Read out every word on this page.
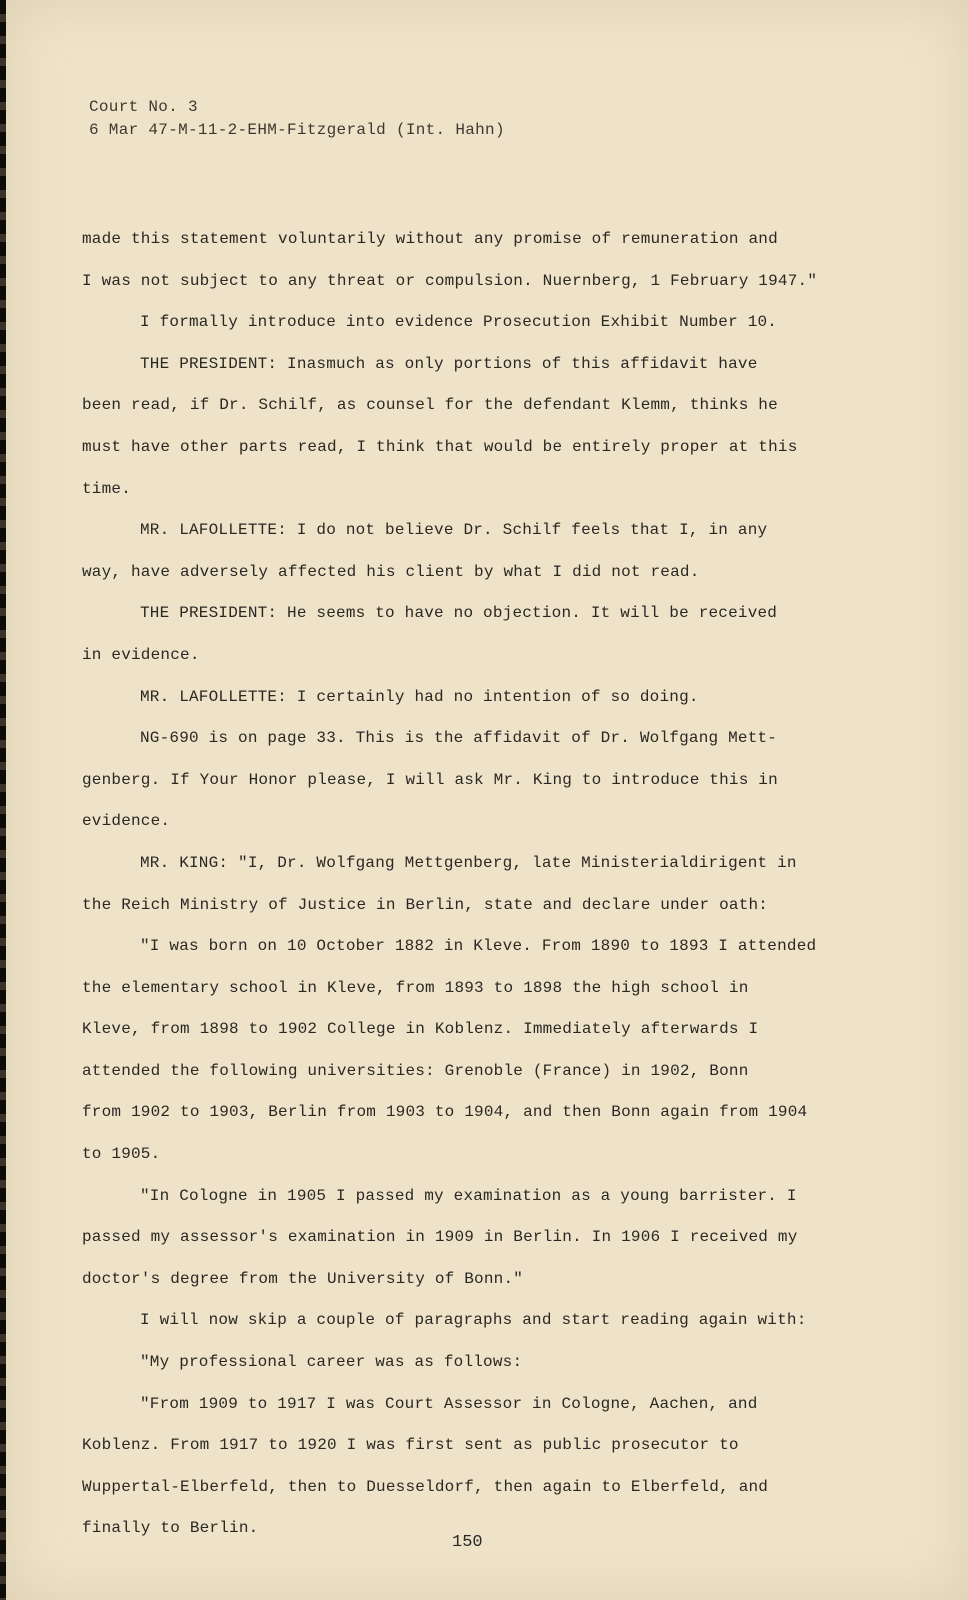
Court No. 3
6 Mar 47-M-11-2-EHM-Fitzgerald (Int. Hahn)
made this statement voluntarily without any promise of remuneration and
I was not subject to any threat or compulsion. Nuernberg, 1 February 1947."
I formally introduce into evidence Prosecution Exhibit Number 10.
THE PRESIDENT: Inasmuch as only portions of this affidavit have
been read, if Dr. Schilf, as counsel for the defendant Klemm, thinks he
must have other parts read, I think that would be entirely proper at this
time.
MR. LAFOLLETTE: I do not believe Dr. Schilf feels that I, in any
way, have adversely affected his client by what I did not read.
THE PRESIDENT: He seems to have no objection. It will be received
in evidence.
MR. LAFOLLETTE: I certainly had no intention of so doing.
NG-690 is on page 33. This is the affidavit of Dr. Wolfgang Mett-
genberg. If Your Honor please, I will ask Mr. King to introduce this in
evidence.
MR. KING: "I, Dr. Wolfgang Mettgenberg, late Ministerialdirigent in
the Reich Ministry of Justice in Berlin, state and declare under oath:
"I was born on 10 October 1882 in Kleve. From 1890 to 1893 I attended
the elementary school in Kleve, from 1893 to 1898 the high school in
Kleve, from 1898 to 1902 College in Koblenz. Immediately afterwards I
attended the following universities: Grenoble (France) in 1902, Bonn
from 1902 to 1903, Berlin from 1903 to 1904, and then Bonn again from 1904
to 1905.
"In Cologne in 1905 I passed my examination as a young barrister. I
passed my assessor's examination in 1909 in Berlin. In 1906 I received my
doctor's degree from the University of Bonn."
I will now skip a couple of paragraphs and start reading again with:
"My professional career was as follows:
"From 1909 to 1917 I was Court Assessor in Cologne, Aachen, and
Koblenz. From 1917 to 1920 I was first sent as public prosecutor to
Wuppertal-Elberfeld, then to Duesseldorf, then again to Elberfeld, and
finally to Berlin.
150
